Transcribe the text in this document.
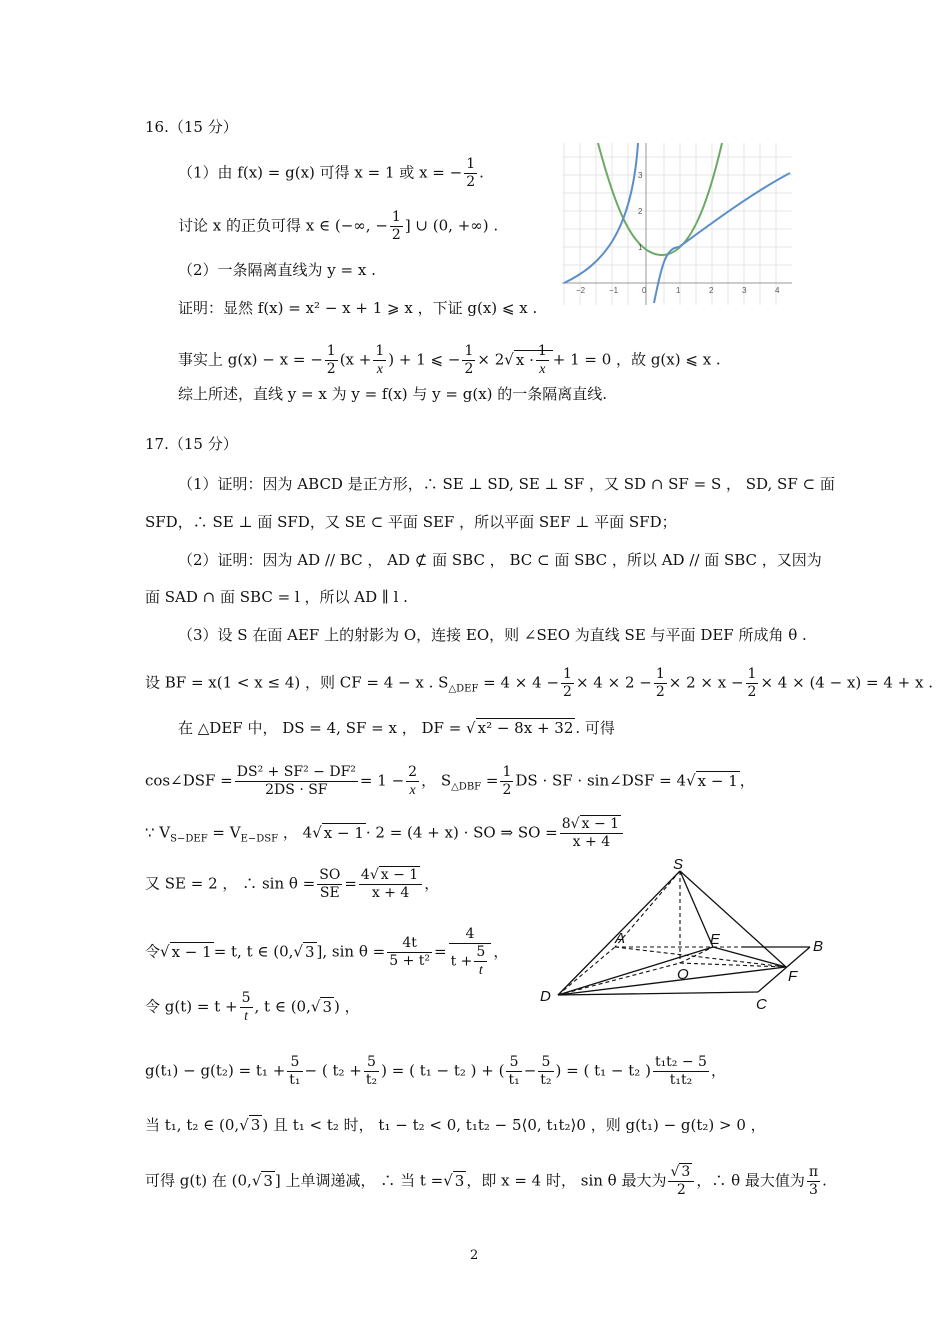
16.（15 分）
（1）由 f(x) = g(x) 可得 x = 1 或 x = − $\frac{1}{2}$ .
讨论 x 的正负可得 x ∈ (−∞, − $\frac{1}{2}$ ] ∪ (0, +∞) .
（2）一条隔离直线为 y = x .
证明：显然 f(x) = x² − x + 1 ⩾ x ，下证 g(x) ⩽ x .
事实上 g(x) − x = − $\frac{1}{2} (x + \frac{1}{x}$ ) + 1 ⩽ − $\frac{1}{2} \times 2√$ $x \cdot \frac{1}{x} + 1 = 0$ ，故 g(x) ⩽ x .
综上所述，直线 y = x 为 y = f(x) 与 y = g(x) 的一条隔离直线.
−2	−1	0	1	2	3	4
1
2
3
17.（15 分）
（1）证明：因为 ABCD 是正方形，∴ SE ⊥ SD, SE ⊥ SF ，又 SD ∩ SF = S ， SD, SF ⊂ 面
SFD，∴ SE ⊥ 面 SFD，又 SE ⊂ 平面 SEF ，所以平面 SEF ⊥ 平面 SFD；
（2）证明：因为 AD // BC ， AD ⊄ 面 SBC ， BC ⊂ 面 SBC ，所以 AD // 面 SBC ，又因为
面 SAD ∩ 面 SBC = l ，所以 AD ∥ l .
（3）设 S 在面 AEF 上的射影为 O，连接 EO，则 ∠SEO 为直线 SE 与平面 DEF 所成角 θ .
设 BF = x(1 < x ≤ 4) ，则 CF = 4 − x . $S_{\triangle DEF} = 4 \times 4 - \frac{1}{2} \times 4 \times 2 - \frac{1}{2} \times 2 \times x - \frac{1}{2} \times 4 \times (4 - x) = 4 + x$ .
在 △DEF 中， DS = 4, SF = x ， DF = √ x² − 8x + 32 . 可得
cos∠DSF = $\frac{\text{DS² + SF² − DF²}}{2DS \cdot SF} = 1 - \frac{2}{x}$ ， $S_{\triangle DBF} = \frac{1}{2}$ DS · SF · sin∠DSF = 4√ x − 1 ，
∵ $V_{S-DEF} = V_{E-DSF}$ ， 4√ x − 1 · 2 = (4 + x) · SO ⇒ SO = $\frac{8√ x - 1}{x + 4}$
又 SE = 2 ， ∴ $\sin \theta = \frac{SO}{SE} = \frac{4√ x - 1}{x + 4}$ ，
令√ x − 1 = t, t ∈ (0,√ 3 ], $\sin \theta = \frac{4t}{\text{5 + t²}} = \frac{4}{t + \frac{5}{t}}$ ，
令 $g(t) = t + \frac{5}{t}$ , t ∈ (0,√ 3 ) ，
$g(t_1) - g(t_2) = t_1 + \frac{5}{\text{t₁}}$ − ( $t_2 + \frac{5}{\text{t₂}}$ ) = ( t₁ − t₂ ) + ( $\frac{5}{\text{t₁}} - \frac{5}{\text{t₂}}$ ) = ( t₁ − t₂ ) $\frac{\text{t₁t₂ − 5}}{\text{t₁t₂}}$ ，
当 t₁, t₂ ∈ (0,√ 3 ) 且 t₁ < t₂ 时， t₁ − t₂ < 0, t₁t₂ − 5⟨0, t₁t₂⟩0 ，则 g(t₁) − g(t₂) > 0 ，
可得 g(t) 在 (0,√ 3 ] 上单调递减， ∴ 当 t =√ 3 ，即 x = 4 时， sin θ 最大为 $\frac{√ 3}{2}$ ，∴ θ 最大值为 $\frac{\pi}{3}$ .
S
A	E	B
O	F
D	C
2
